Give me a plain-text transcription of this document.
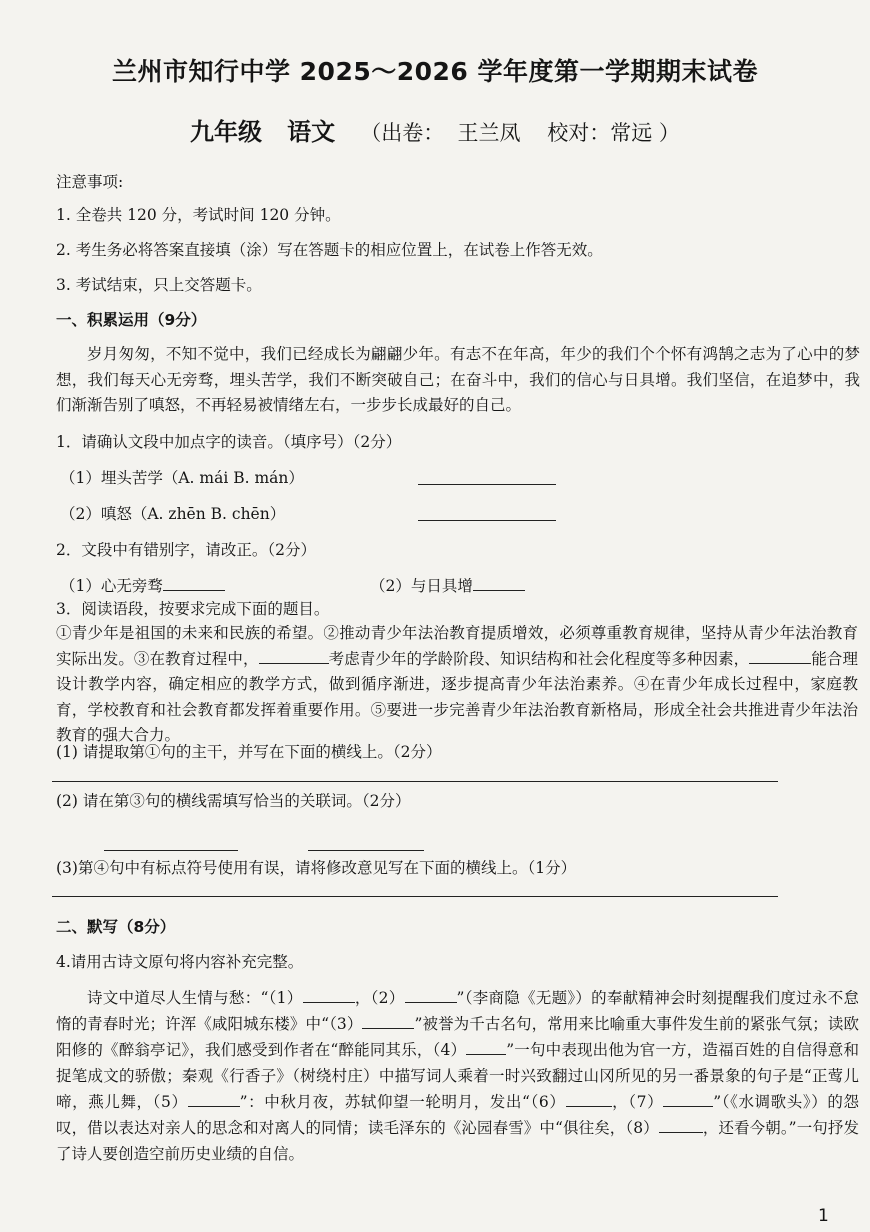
兰州市知行中学 2025～2026 学年度第一学期期末试卷
九年级   语文 （出卷：  王兰凤    校对：常远 ）
注意事项:
1. 全卷共 120 分，考试时间 120 分钟。
2. 考生务必将答案直接填（涂）写在答题卡的相应位置上，在试卷上作答无效。
3. 考试结束，只上交答题卡。
一、积累运用（9分）
岁月匆匆，不知不觉中，我们已经成长为翩翩少年。有志不在年高，年少的我们个个怀有鸿鹄之志为了心中的梦想，我们每天心无旁骛，埋头苦学，我们不断突破自己；在奋斗中，我们的信心与日具增。我们坚信，在追梦中，我们渐渐告别了嗔怒，不再轻易被情绪左右，一步步长成最好的自己。
1．请确认文段中加点字的读音。（填序号）（2分）
（1）埋头苦学（A. mái B. mán）
（2）嗔怒（A. zhēn B. chēn）
2．文段中有错别字，请改正。（2分）
（1）心无旁骛	（2）与日具增
3．阅读语段，按要求完成下面的题目。
①青少年是祖国的未来和民族的希望。②推动青少年法治教育提质增效，必须尊重教育规律，坚持从青少年法治教育实际出发。③在教育过程中，	考虑青少年的学龄阶段、知识结构和社会化程度等多种因素，	能合理设计教学内容，确定相应的教学方式，做到循序渐进，逐步提高青少年法治素养。④在青少年成长过程中，家庭教育，学校教育和社会教育都发挥着重要作用。⑤要进一步完善青少年法治教育新格局，形成全社会共推进青少年法治教育的强大合力。
(1) 请提取第①句的主干，并写在下面的横线上。（2分）
(2) 请在第③句的横线需填写恰当的关联词。（2分）
(3)第④句中有标点符号使用有误，请将修改意见写在下面的横线上。（1分）
二、默写（8分）
4.请用古诗文原句将内容补充完整。
诗文中道尽人生情与愁：“（1）	，（2）	”（李商隐《无题》）的奉献精神会时刻提醒我们度过永不怠惰的青春时光；许浑《咸阳城东楼》中“（3）	”被誉为千古名句，常用来比喻重大事件发生前的紧张气氛；读欧阳修的《醉翁亭记》，我们感受到作者在“醉能同其乐，（4）	”一句中表现出他为官一方，造福百姓的自信得意和捉笔成文的骄傲；秦观《行香子》（树绕村庄）中描写词人乘着一时兴致翻过山冈所见的另一番景象的句子是“正莺儿啼，燕儿舞，（5）	”：中秋月夜，苏轼仰望一轮明月，发出“（6）	，（7）	”（《水调歌头》）的怨叹，借以表达对亲人的思念和对离人的同情；读毛泽东的《沁园春雪》中“俱往矣，（8）	，还看今朝。”一句抒发了诗人要创造空前历史业绩的自信。
1
